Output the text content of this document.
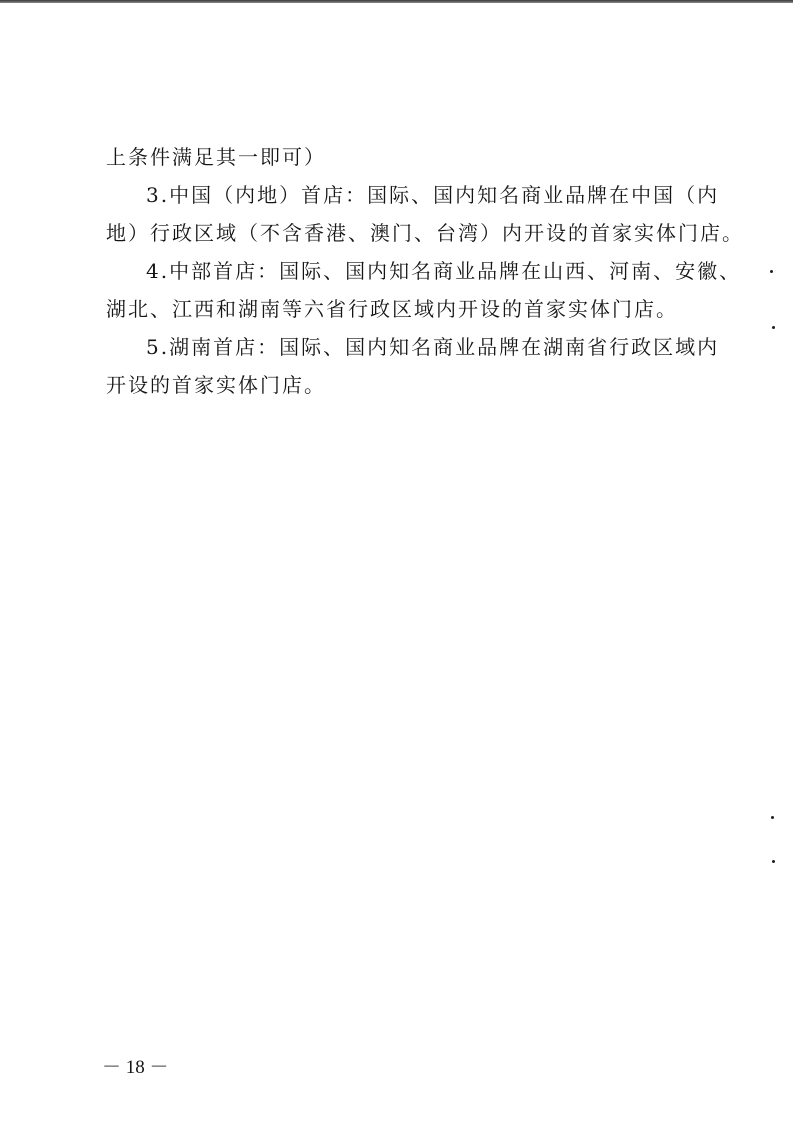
上条件满足其一即可）
3.中国（内地）首店：国际、国内知名商业品牌在中国（内
地）行政区域（不含香港、澳门、台湾）内开设的首家实体门店。
4.中部首店：国际、国内知名商业品牌在山西、河南、安徽、
湖北、江西和湖南等六省行政区域内开设的首家实体门店。
5.湖南首店：国际、国内知名商业品牌在湖南省行政区域内
开设的首家实体门店。
－ 18 －
